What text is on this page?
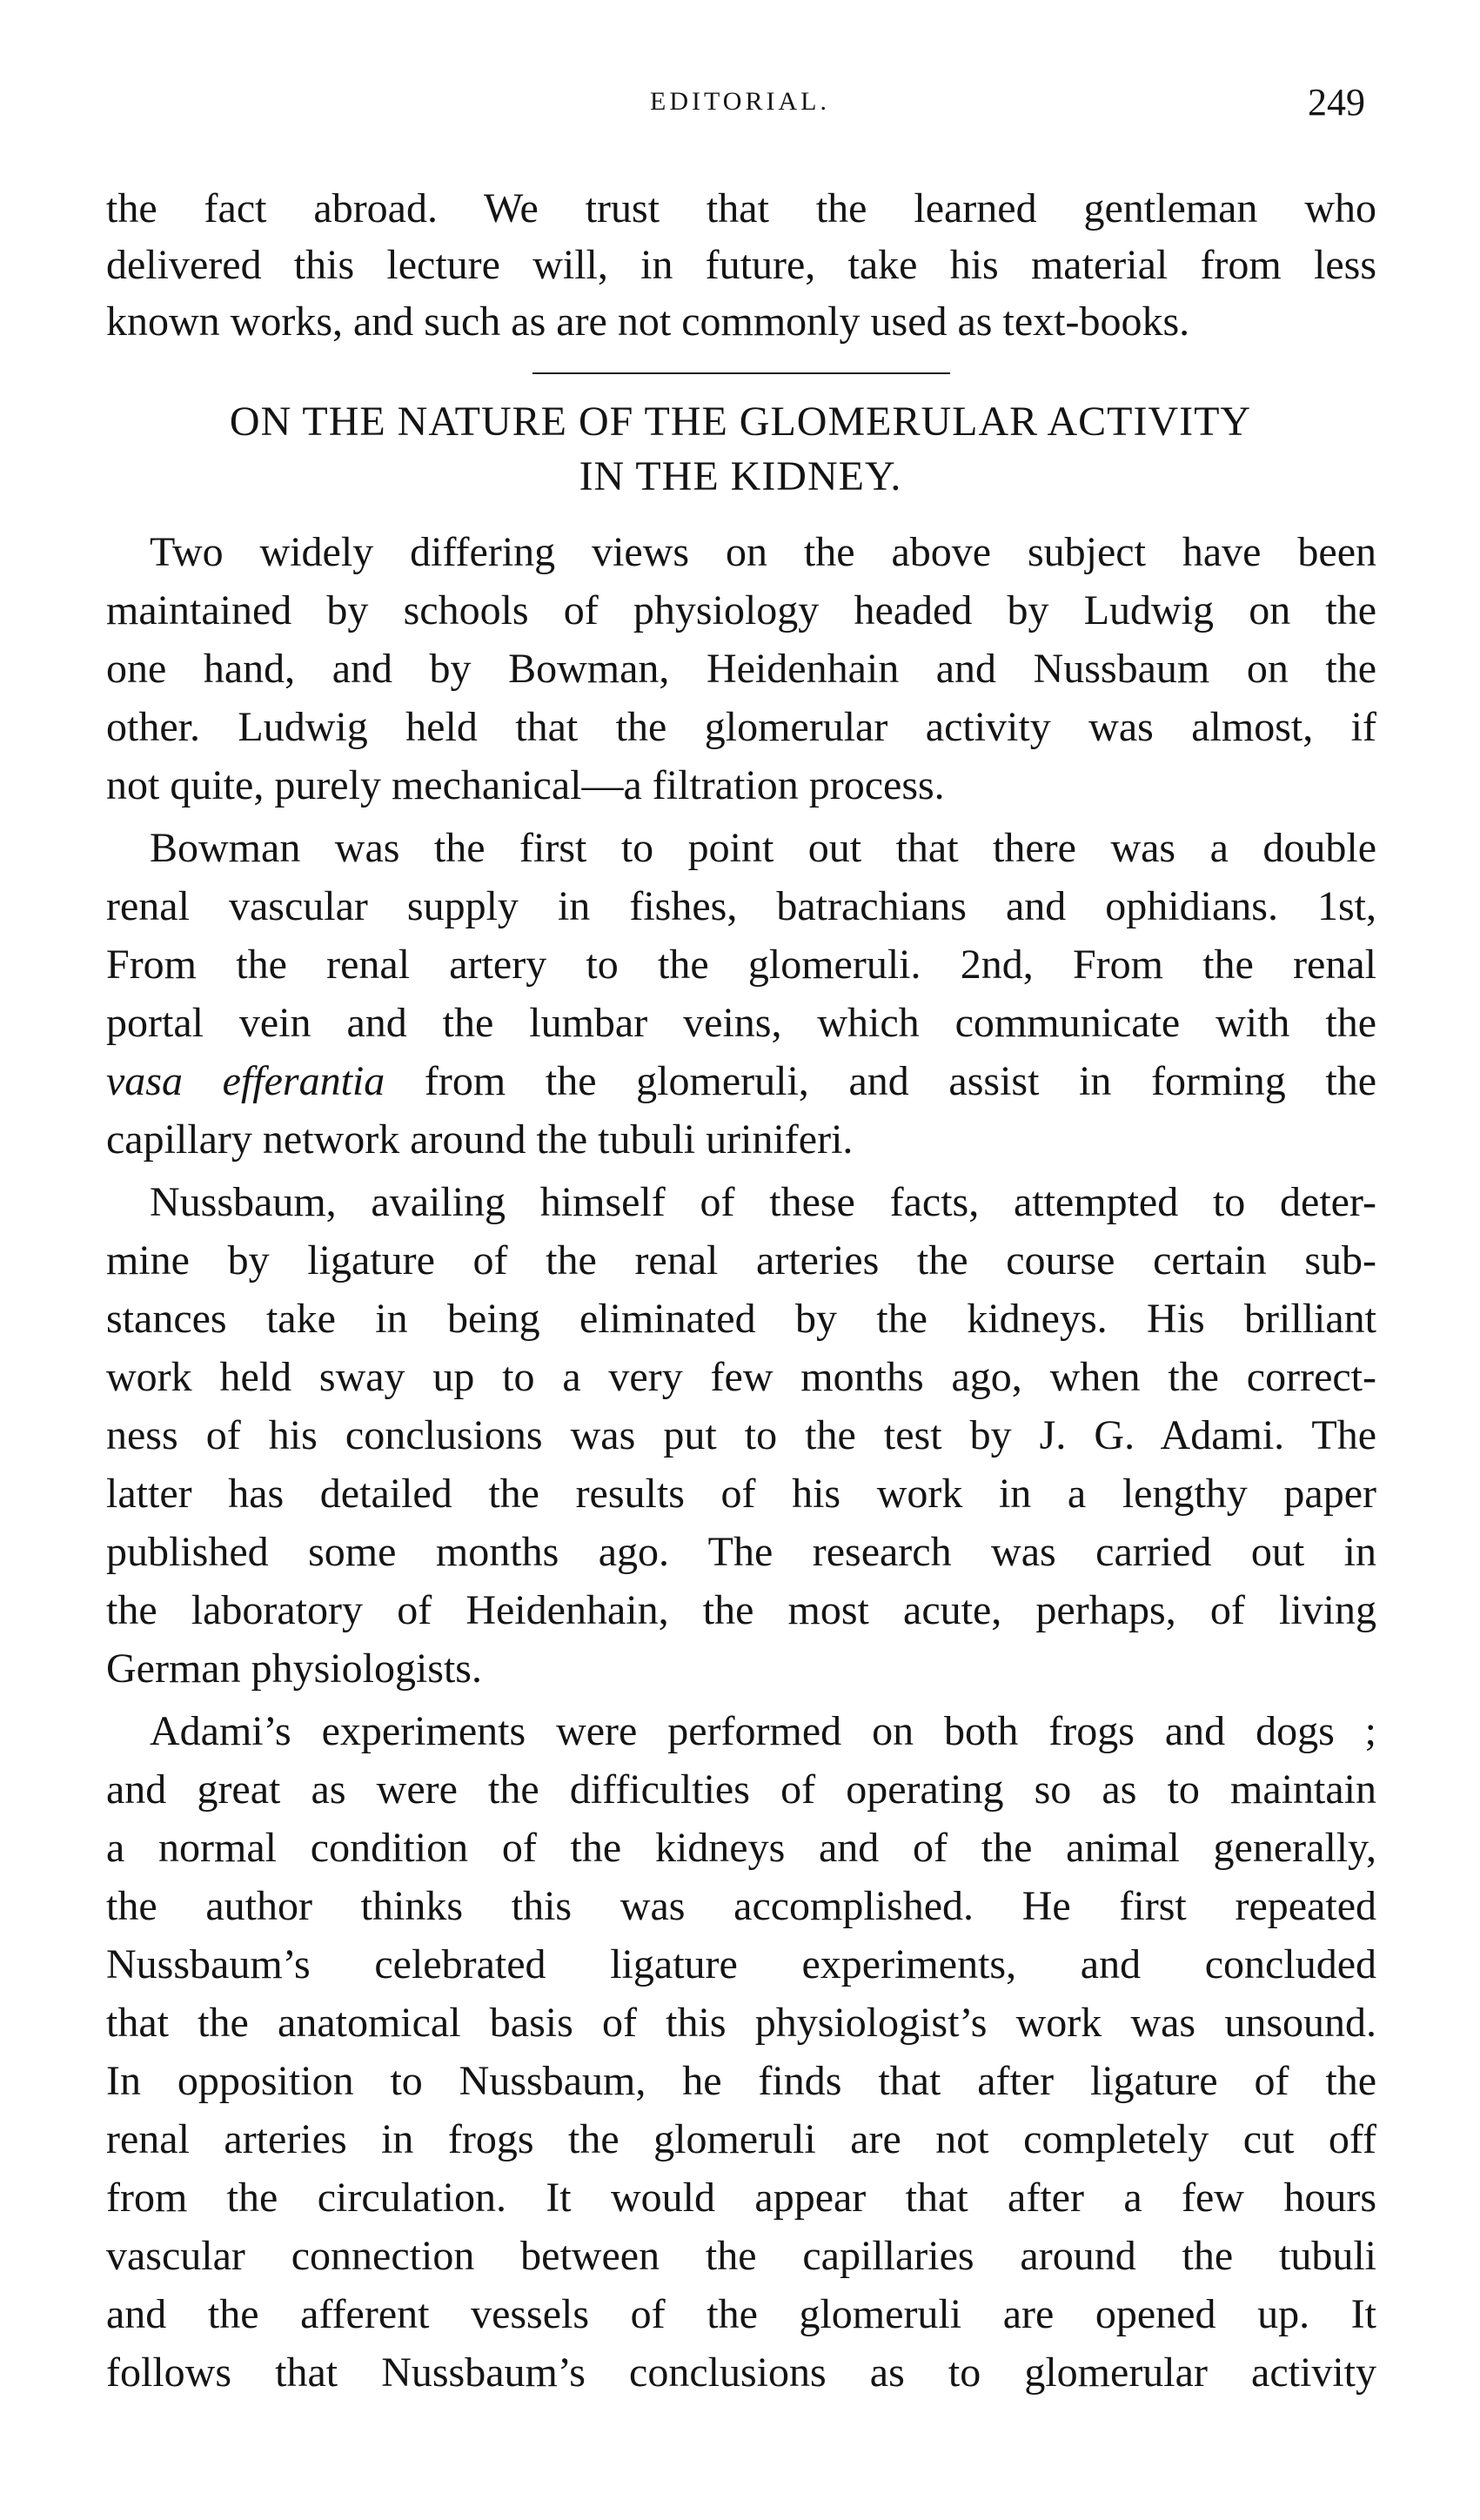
EDITORIAL.	249
the fact abroad. We trust that the learned gentleman who
delivered this lecture will, in future, take his material from less
known works, and such as are not commonly used as text-books.
ON THE NATURE OF THE GLOMERULAR ACTIVITY
IN THE KIDNEY.
Two widely differing views on the above subject have been
maintained by schools of physiology headed by Ludwig on the
one hand, and by Bowman, Heidenhain and Nussbaum on the
other. Ludwig held that the glomerular activity was almost, if
not quite, purely mechanical—a filtration process.
Bowman was the first to point out that there was a double
renal vascular supply in fishes, batrachians and ophidians. 1st,
From the renal artery to the glomeruli. 2nd, From the renal
portal vein and the lumbar veins, which communicate with the
vasa efferantia from the glomeruli, and assist in forming the
capillary network around the tubuli uriniferi.
Nussbaum, availing himself of these facts, attempted to deter-
mine by ligature of the renal arteries the course certain sub-
stances take in being eliminated by the kidneys. His brilliant
work held sway up to a very few months ago, when the correct-
ness of his conclusions was put to the test by J. G. Adami. The
latter has detailed the results of his work in a lengthy paper
published some months ago. The research was carried out in
the laboratory of Heidenhain, the most acute, perhaps, of living
German physiologists.
Adami’s experiments were performed on both frogs and dogs ;
and great as were the difficulties of operating so as to maintain
a normal condition of the kidneys and of the animal generally,
the author thinks this was accomplished. He first repeated
Nussbaum’s celebrated ligature experiments, and concluded
that the anatomical basis of this physiologist’s work was unsound.
In opposition to Nussbaum, he finds that after ligature of the
renal arteries in frogs the glomeruli are not completely cut off
from the circulation. It would appear that after a few hours
vascular connection between the capillaries around the tubuli
and the afferent vessels of the glomeruli are opened up. It
follows that Nussbaum’s conclusions as to glomerular activity
